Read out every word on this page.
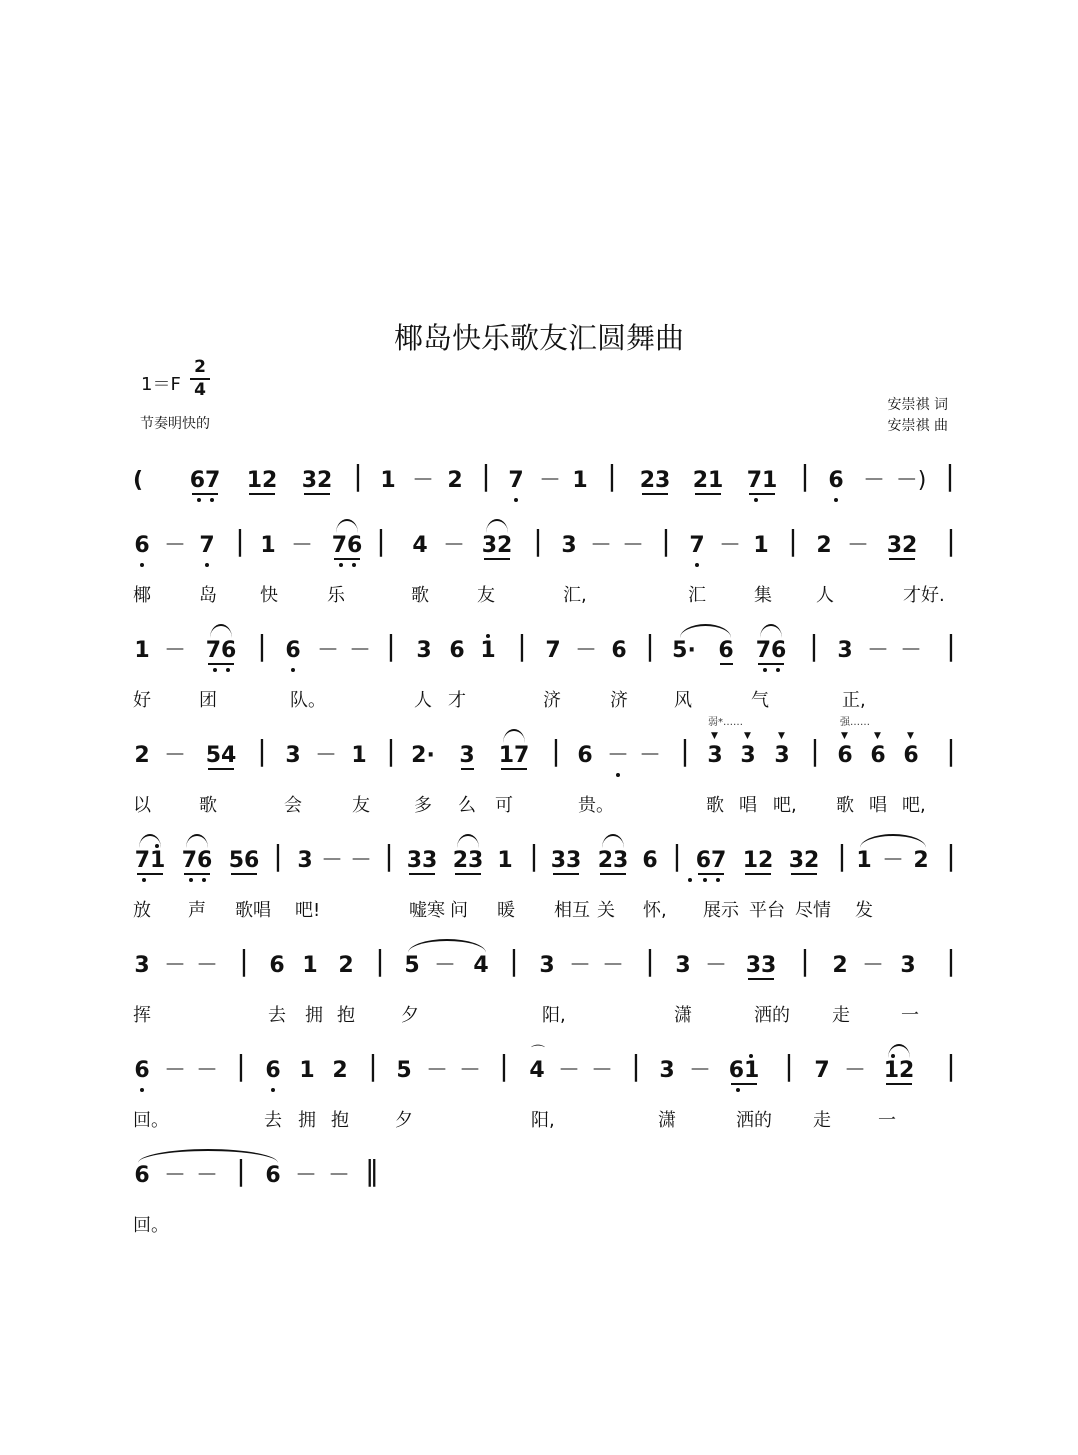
椰岛快乐歌友汇圆舞曲
1＝F
2
4
节奏明快的
安崇祺 词
安崇祺 曲
(	67 12 32 | 1 － 2 | 7 － 1 |	23 21 71 | 6 － －) |
6 － 7 | 1 － 76 |	4 － 32 | 3 － － | 7 － 1 | 2 － 32	|
椰	岛 快	乐	歌	友	汇,	汇	集 人	才好.
1 － 76 | 6 － － | 3 6 1 | 7 － 6 | 5·	6	76 | 3 － － |
好	团	队。	人 才	济	济	风	气	正,
2 － 54 | 3 － 1 | 2·	3	17 | 6 － － | 3 3 3 | 6 6 6 |
以	歌	会	友 多 么 可	贵。	歌 唱 吧, 歌 唱 吧,
71 76 56 | 3 － － | 33 23 1 | 33 23 6 | 67 12 32 | 1 － 2 |
放 声 歌唱 吧!	嘘寒 问 暖 相互 关 怀, 展示 平台 尽情 发
3 － － | 6 1 2 | 5 － 4 | 3 － － | 3 － 33 |	2 － 3	|
挥	去 拥 抱	夕	阳,	潇	洒的 走	一
6 － － | 6 1 2 | 5 － － | 4 － － | 3 － 61 | 7 － 12	|
回。	去 拥 抱	夕	阳,	潇	洒的 走	一
6 － － | 6 － － ‖
回。
▼	▼	▼	▼	▼	▼
⌒
弱*……	强……
